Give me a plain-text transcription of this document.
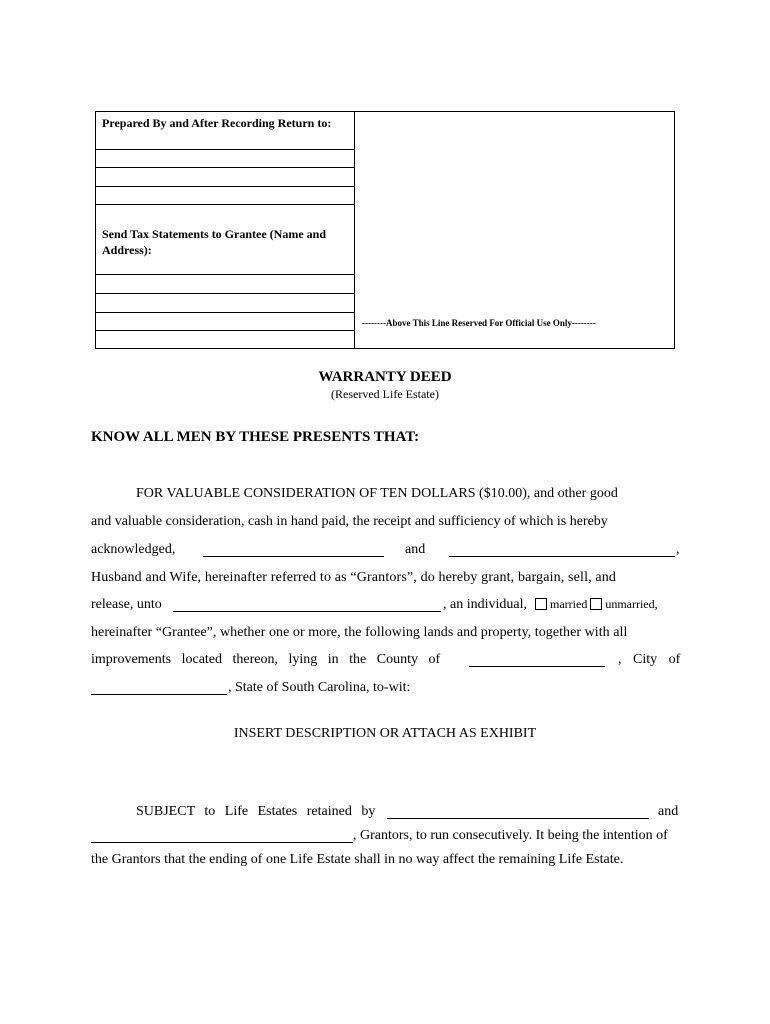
Prepared By and After Recording Return to:
Send Tax Statements to Grantee (Name and
Address):
--------Above This Line Reserved For Official Use Only--------
WARRANTY DEED
(Reserved Life Estate)
KNOW ALL MEN BY THESE PRESENTS THAT:
FOR VALUABLE CONSIDERATION OF TEN DOLLARS ($10.00), and other good
and valuable consideration, cash in hand paid, the receipt and sufficiency of which is hereby
acknowledged,	and	,
Husband and Wife, hereinafter referred to as “Grantors”, do hereby grant, bargain, sell, and
release, unto	, an individual,	married unmarried,
hereinafter “Grantee”, whether one or more, the following lands and property, together with all
improvements located thereon, lying in the County of	, City of
, State of South Carolina, to-wit:
INSERT DESCRIPTION OR ATTACH AS EXHIBIT
SUBJECT to Life Estates retained by	and
, Grantors, to run consecutively. It being the intention of
the Grantors that the ending of one Life Estate shall in no way affect the remaining Life Estate.
